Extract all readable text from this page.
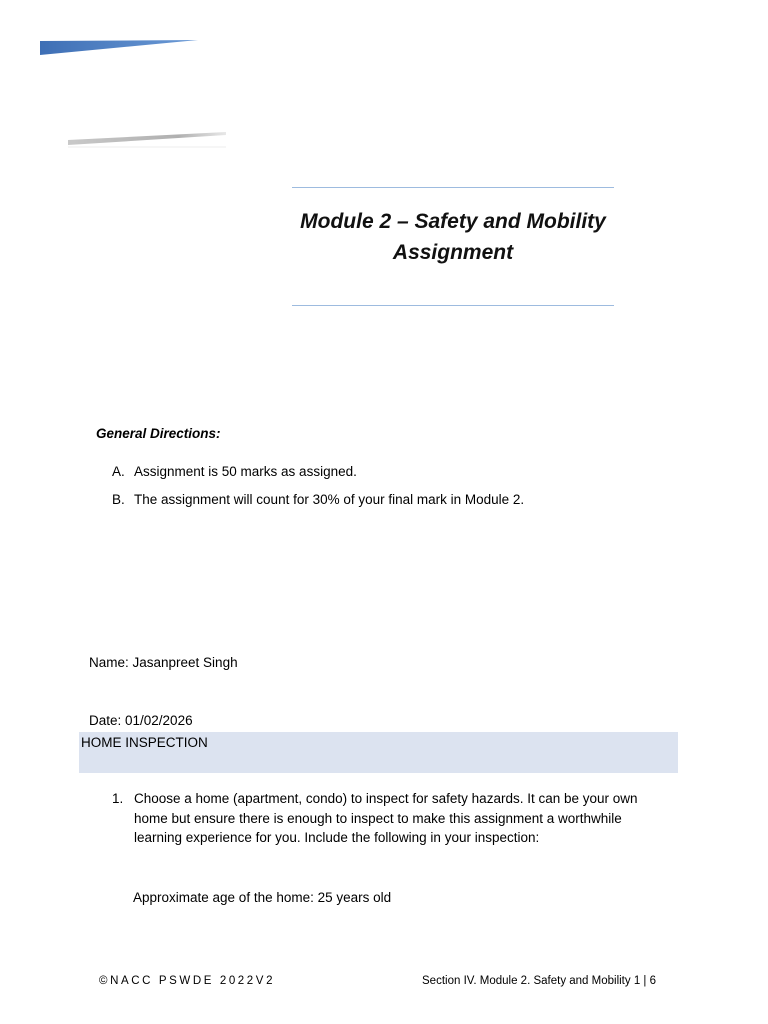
Module 2 – Safety and Mobility Assignment
General Directions:
A. Assignment is 50 marks as assigned.
B. The assignment will count for 30% of your final mark in Module 2.
Name: Jasanpreet Singh
Date: 01/02/2026
HOME INSPECTION
1. Choose a home (apartment, condo) to inspect for safety hazards. It can be your own home but ensure there is enough to inspect to make this assignment a worthwhile learning experience for you. Include the following in your inspection:
Approximate age of the home: 25 years old
©NACC PSWDE 2022V2	Section IV. Module 2. Safety and Mobility 1 | 6
